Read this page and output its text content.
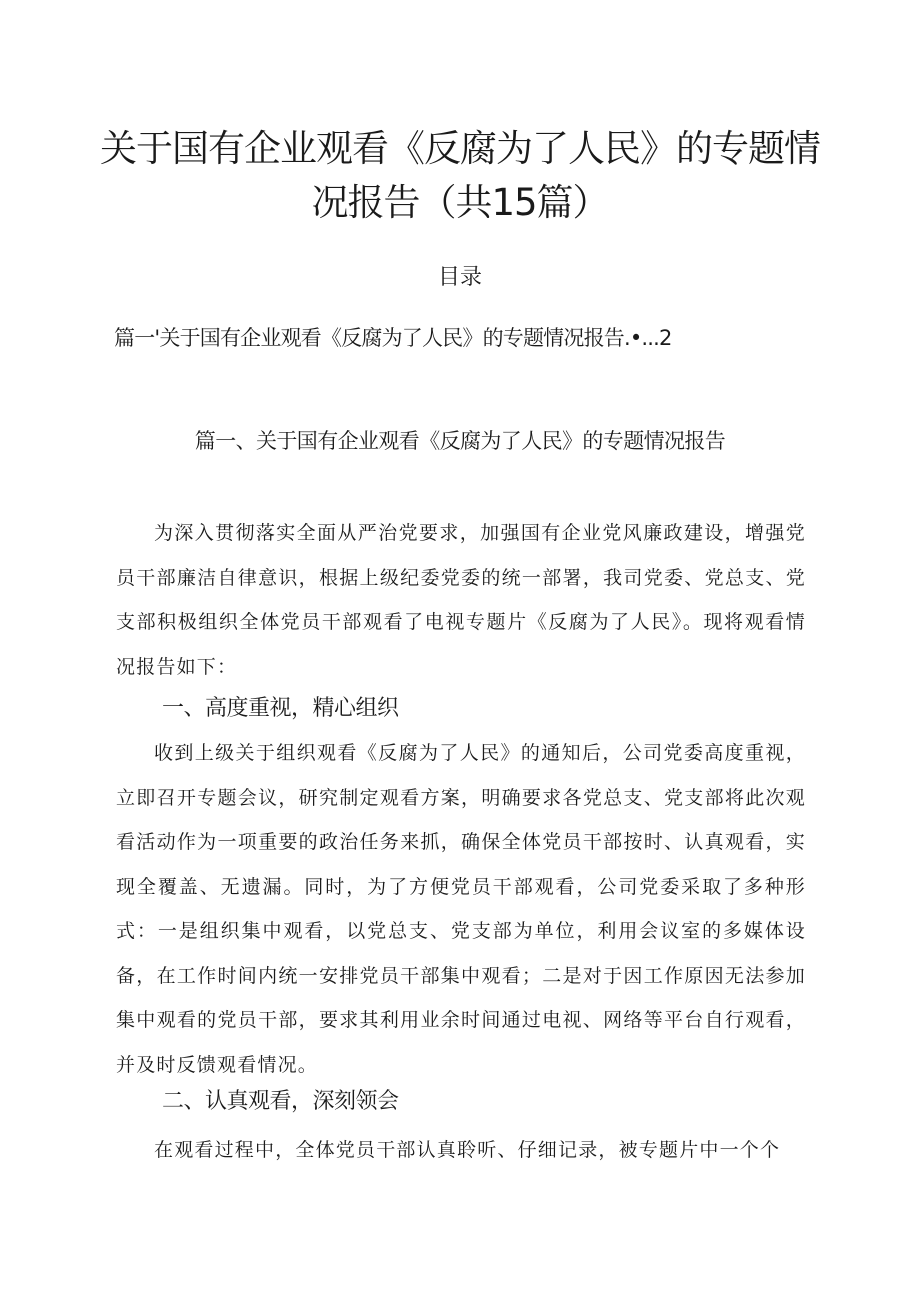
关于国有企业观看《反腐为了人民》的专题情况报告（共15篇）
目录

篇一'关于国有企业观看《反腐为了人民》的专题情况报告.•...2

篇一、关于国有企业观看《反腐为了人民》的专题情况报告

为深入贯彻落实全面从严治党要求，加强国有企业党风廉政建设，增强党员干部廉洁自律意识，根据上级纪委党委的统一部署，我司党委、党总支、党支部积极组织全体党员干部观看了电视专题片《反腐为了人民》。现将观看情况报告如下：

一、高度重视，精心组织

收到上级关于组织观看《反腐为了人民》的通知后，公司党委高度重视，立即召开专题会议，研究制定观看方案，明确要求各党总支、党支部将此次观看活动作为一项重要的政治任务来抓，确保全体党员干部按时、认真观看，实现全覆盖、无遗漏。同时，为了方便党员干部观看，公司党委采取了多种形式：一是组织集中观看，以党总支、党支部为单位，利用会议室的多媒体设备，在工作时间内统一安排党员干部集中观看；二是对于因工作原因无法参加集中观看的党员干部，要求其利用业余时间通过电视、网络等平台自行观看，并及时反馈观看情况。

二、认真观看，深刻领会

在观看过程中，全体党员干部认真聆听、仔细记录，被专题片中一个个
